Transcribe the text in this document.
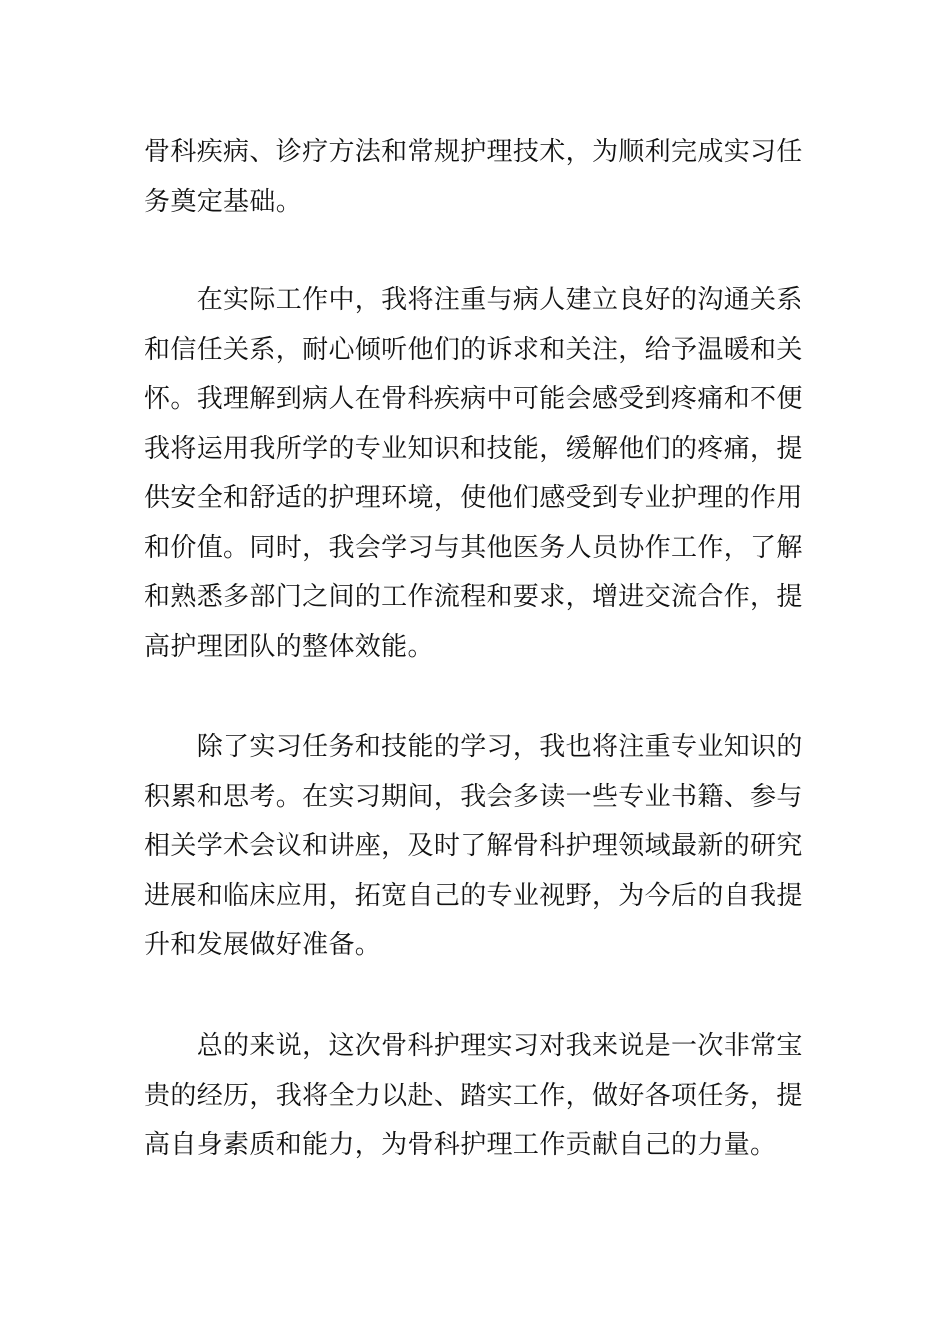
骨科疾病、诊疗方法和常规护理技术，为顺利完成实习任
务奠定基础。

　　在实际工作中，我将注重与病人建立良好的沟通关系
和信任关系，耐心倾听他们的诉求和关注，给予温暖和关
怀。我理解到病人在骨科疾病中可能会感受到疼痛和不便
我将运用我所学的专业知识和技能，缓解他们的疼痛，提
供安全和舒适的护理环境，使他们感受到专业护理的作用
和价值。同时，我会学习与其他医务人员协作工作，了解
和熟悉多部门之间的工作流程和要求，增进交流合作，提
高护理团队的整体效能。

　　除了实习任务和技能的学习，我也将注重专业知识的
积累和思考。在实习期间，我会多读一些专业书籍、参与
相关学术会议和讲座，及时了解骨科护理领域最新的研究
进展和临床应用，拓宽自己的专业视野，为今后的自我提
升和发展做好准备。

　　总的来说，这次骨科护理实习对我来说是一次非常宝
贵的经历，我将全力以赴、踏实工作，做好各项任务，提
高自身素质和能力，为骨科护理工作贡献自己的力量。
